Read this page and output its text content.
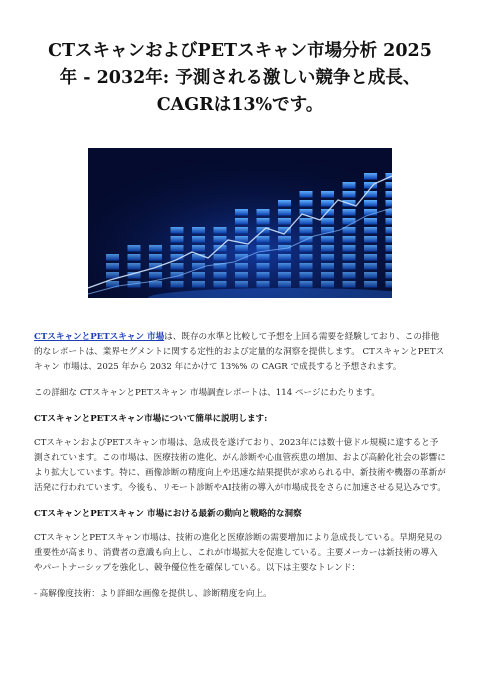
CTスキャンおよびPETスキャン市場分析 2025
年 - 2032年: 予測される激しい競争と成長、
CAGRは13%です。

CTスキャンとPETスキャン 市場は、既存の水準と比較して予想を上回る需要を経験しており、この排他的なレポートは、業界セグメントに関する定性的および定量的な洞察を提供します。 CTスキャンとPETスキャン 市場は、2025 年から 2032 年にかけて 13%% の CAGR で成長すると予想されます。

この詳細な CTスキャンとPETスキャン 市場調査レポートは、114 ページにわたります。

CTスキャンとPETスキャン市場について簡単に説明します:

CTスキャンおよびPETスキャン市場は、急成長を遂げており、2023年には数十億ドル規模に達すると予測されています。この市場は、医療技術の進化、がん診断や心血管疾患の増加、および高齢化社会の影響により拡大しています。特に、画像診断の精度向上や迅速な結果提供が求められる中、新技術や機器の革新が活発に行われています。今後も、リモート診断やAI技術の導入が市場成長をさらに加速させる見込みです。

CTスキャンとPETスキャン 市場における最新の動向と戦略的な洞察

CTスキャンとPETスキャン市場は、技術の進化と医療診断の需要増加により急成長している。早期発見の重要性が高まり、消費者の意識も向上し、これが市場拡大を促進している。主要メーカーは新技術の導入やパートナーシップを強化し、競争優位性を確保している。以下は主要なトレンド：

- 高解像度技術：より詳細な画像を提供し、診断精度を向上。
